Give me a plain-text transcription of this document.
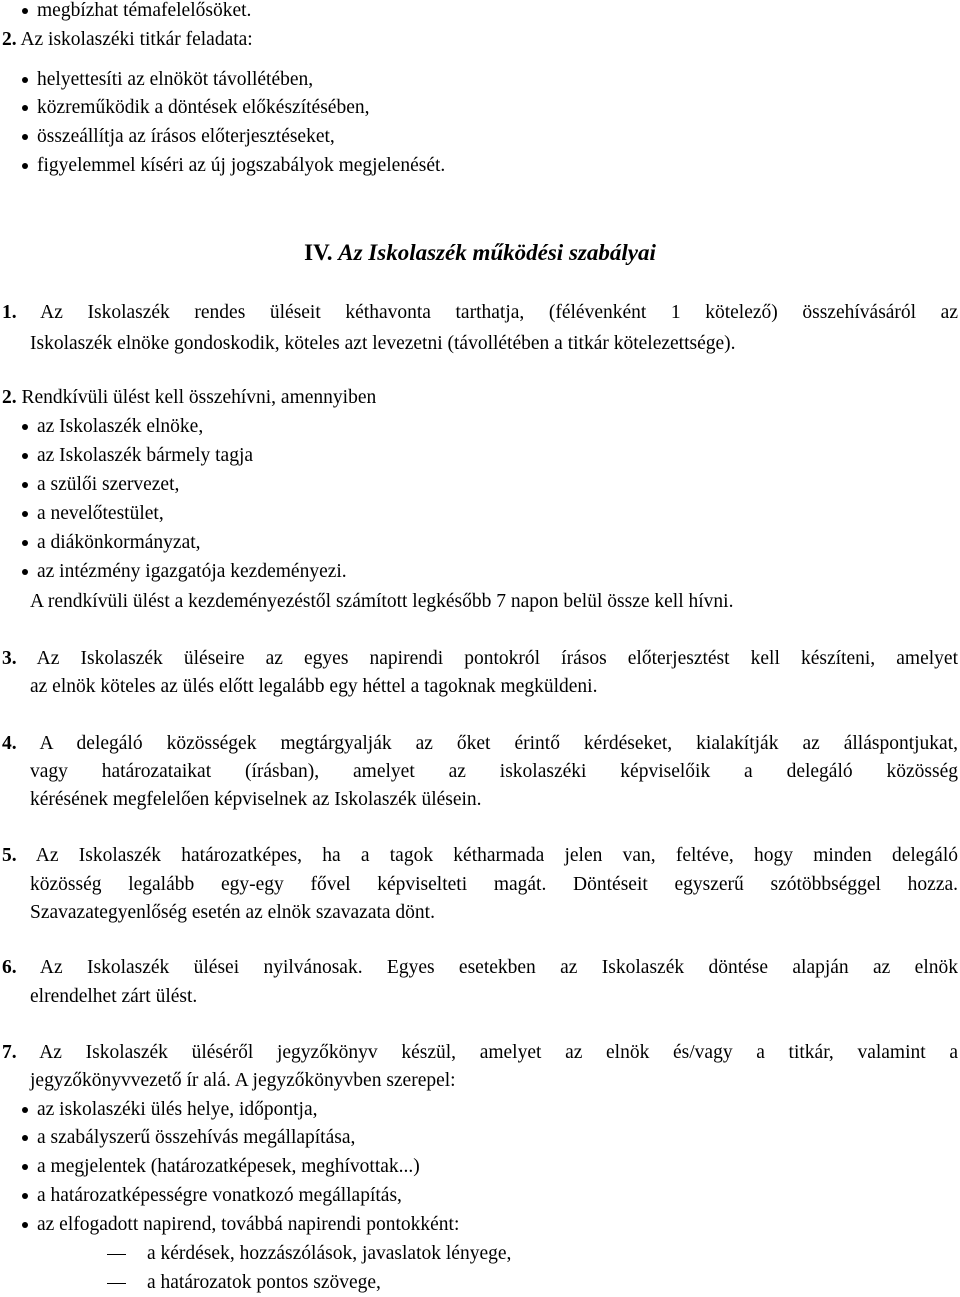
megbízhat témafelelősöket.
2. Az iskolaszéki titkár feladata:
helyettesíti az elnököt távollétében,
közreműködik a döntések előkészítésében,
összeállítja az írásos előterjesztéseket,
figyelemmel kíséri az új jogszabályok megjelenését.
IV. Az Iskolaszék működési szabályai
1. Az Iskolaszék rendes üléseit kéthavonta tarthatja, (félévenként 1 kötelező) összehívásáról az
Iskolaszék elnöke gondoskodik, köteles azt levezetni (távollétében a titkár kötelezettsége).
2. Rendkívüli ülést kell összehívni, amennyiben
az Iskolaszék elnöke,
az Iskolaszék bármely tagja
a szülői szervezet,
a nevelőtestület,
a diákönkormányzat,
az intézmény igazgatója kezdeményezi.
A rendkívüli ülést a kezdeményezéstől számított legkésőbb 7 napon belül össze kell hívni.
3. Az Iskolaszék üléseire az egyes napirendi pontokról írásos előterjesztést kell készíteni, amelyet
az elnök köteles az ülés előtt legalább egy héttel a tagoknak megküldeni.
4. A delegáló közösségek megtárgyalják az őket érintő kérdéseket, kialakítják az álláspontjukat,
vagy határozataikat (írásban), amelyet az iskolaszéki képviselőik a delegáló közösség
kérésének megfelelően képviselnek az Iskolaszék ülésein.
5. Az Iskolaszék határozatképes, ha a tagok kétharmada jelen van, feltéve, hogy minden delegáló
közösség legalább egy-egy fővel képviselteti magát. Döntéseit egyszerű szótöbbséggel hozza.
Szavazategyenlőség esetén az elnök szavazata dönt.
6. Az Iskolaszék ülései nyilvánosak. Egyes esetekben az Iskolaszék döntése alapján az elnök
elrendelhet zárt ülést.
7. Az Iskolaszék üléséről jegyzőkönyv készül, amelyet az elnök és/vagy a titkár, valamint a
jegyzőkönyvvezető ír alá. A jegyzőkönyvben szerepel:
az iskolaszéki ülés helye, időpontja,
a szabályszerű összehívás megállapítása,
a megjelentek (határozatképesek, meghívottak...)
a határozatképességre vonatkozó megállapítás,
az elfogadott napirend, továbbá napirendi pontokként:
a kérdések, hozzászólások, javaslatok lényege,
a határozatok pontos szövege,
